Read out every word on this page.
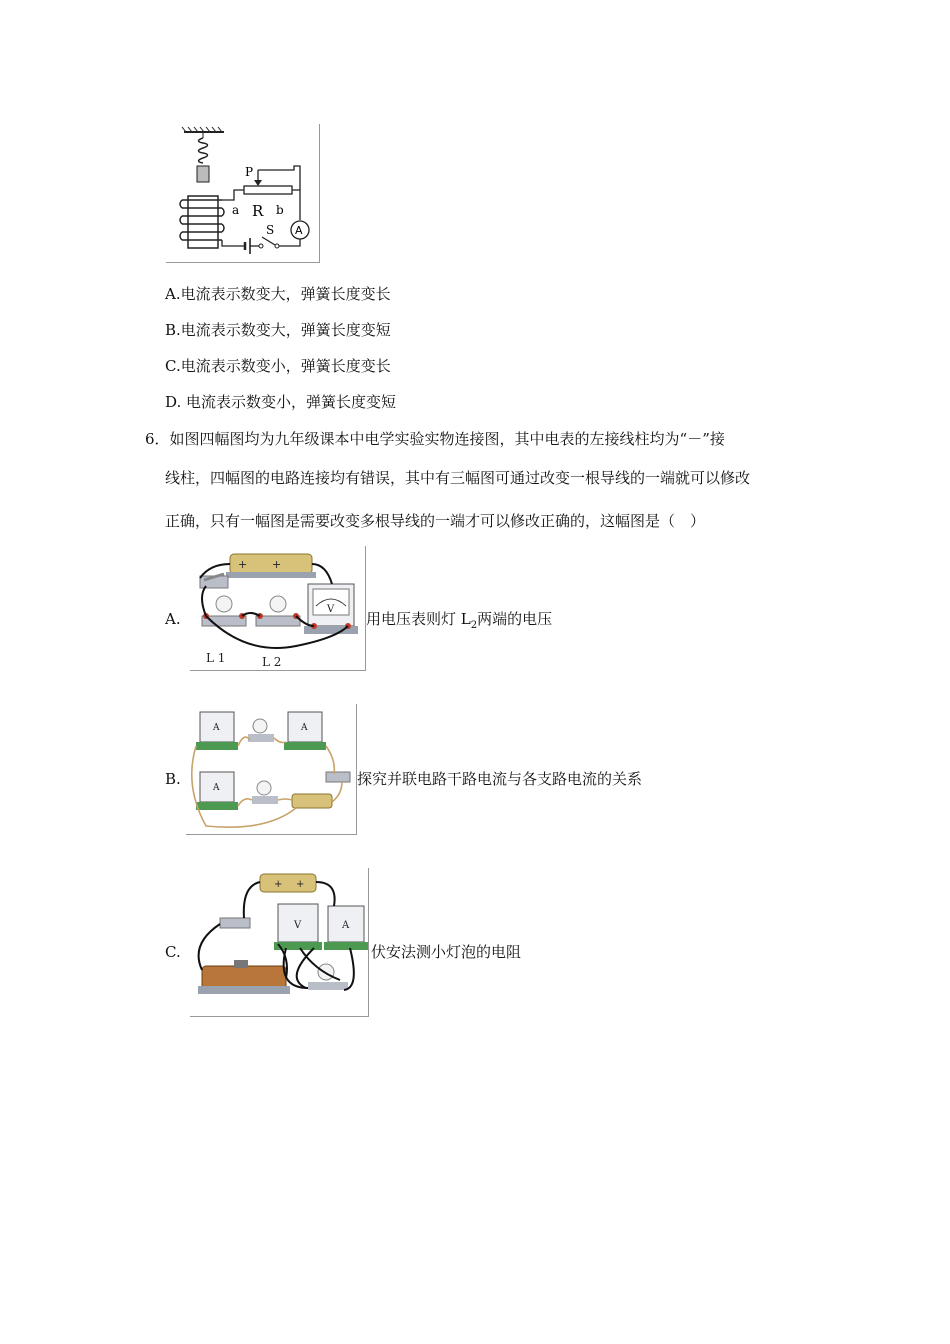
P
a R b
S A
A.电流表示数变大，弹簧长度变长
B.电流表示数变大，弹簧长度变短
C.电流表示数变小，弹簧长度变长
D. 电流表示数变小，弹簧长度变短
6．如图四幅图均为九年级课本中电学实验实物连接图，其中电表的左接线柱均为“－”接
线柱，四幅图的电路连接均有错误，其中有三幅图可通过改变一根导线的一端就可以修改
正确，只有一幅图是需要改变多根导线的一端才可以修改正确的，这幅图是（　）
A.
+ +
V
L 1	L 2
用电压表则灯 $L_2$两端的电压
B.
A	A
A	探究并联电路干路电流与各支路电流的关系
C.
+ +
V	A
伏安法测小灯泡的电阻
